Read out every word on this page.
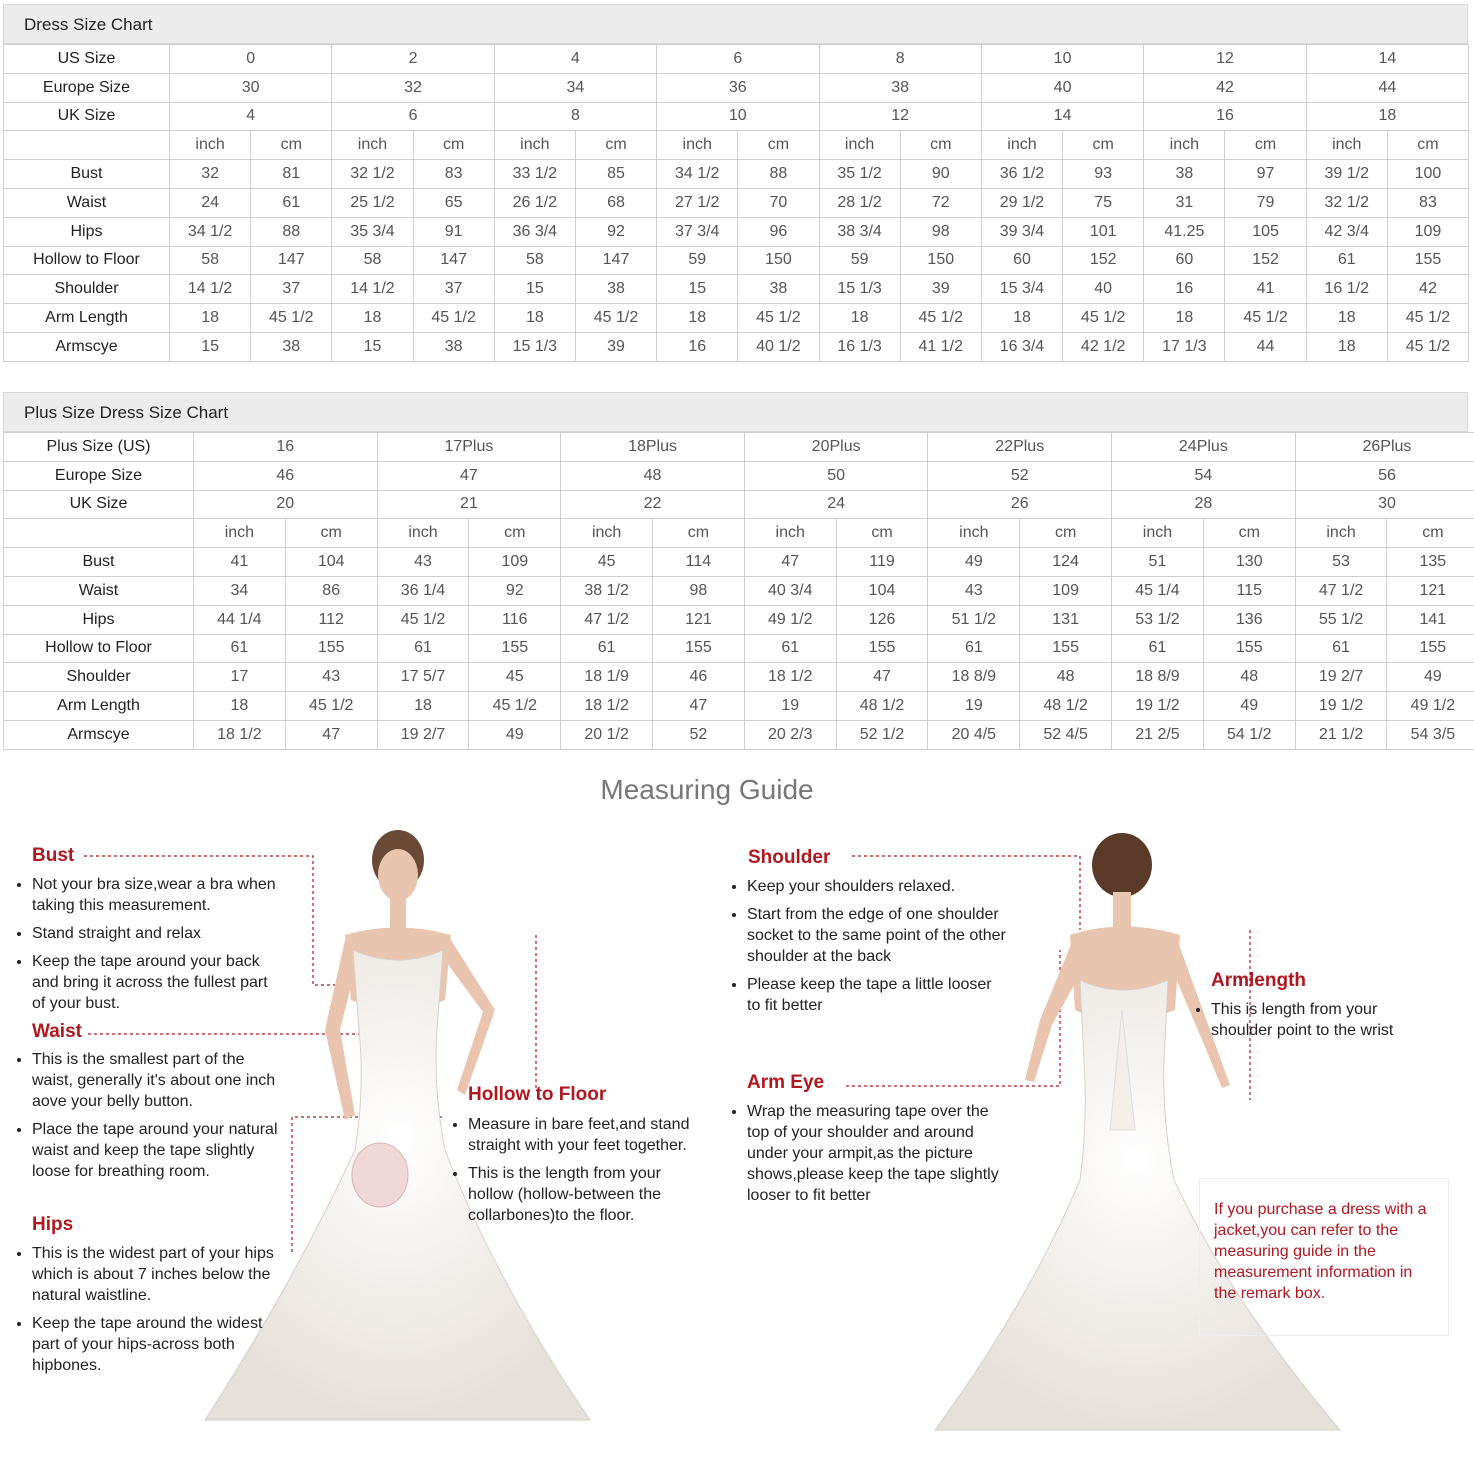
Dress Size Chart
US Size	0		2		4		6		8		10		12		14	
Europe Size	30		32		34		36		38		40		42		44	
UK Size	4		6		8		10		12		14		16		18	
	inch	cm	inch	cm	inch	cm	inch	cm	inch	cm	inch	cm	inch	cm	inch	cm
Bust	32	81	32 1/2	83	33 1/2	85	34 1/2	88	35 1/2	90	36 1/2	93	38	97	39 1/2	100
Waist	24	61	25 1/2	65	26 1/2	68	27 1/2	70	28 1/2	72	29 1/2	75	31	79	32 1/2	83
Hips	34 1/2	88	35 3/4	91	36 3/4	92	37 3/4	96	38 3/4	98	39 3/4	101	41.25	105	42 3/4	109
Hollow to Floor	58	147	58	147	58	147	59	150	59	150	60	152	60	152	61	155
Shoulder	14 1/2	37	14 1/2	37	15	38	15	38	15 1/3	39	15 3/4	40	16	41	16 1/2	42
Arm Length	18	45 1/2	18	45 1/2	18	45 1/2	18	45 1/2	18	45 1/2	18	45 1/2	18	45 1/2	18	45 1/2
Armscye	15	38	15	38	15 1/3	39	16	40 1/2	16 1/3	41 1/2	16 3/4	42 1/2	17 1/3	44	18	45 1/2
Plus Size Dress Size Chart
Plus Size (US)	16		17Plus		18Plus		20Plus		22Plus		24Plus		26Plus	
Europe Size	46		47		48		50		52		54		56	
UK Size	20		21		22		24		26		28		30	
	inch	cm	inch	cm	inch	cm	inch	cm	inch	cm	inch	cm	inch	cm
Bust	41	104	43	109	45	114	47	119	49	124	51	130	53	135
Waist	34	86	36 1/4	92	38 1/2	98	40 3/4	104	43	109	45 1/4	115	47 1/2	121
Hips	44 1/4	112	45 1/2	116	47 1/2	121	49 1/2	126	51 1/2	131	53 1/2	136	55 1/2	141
Hollow to Floor	61	155	61	155	61	155	61	155	61	155	61	155	61	155
Shoulder	17	43	17 5/7	45	18 1/9	46	18 1/2	47	18 8/9	48	18 8/9	48	19 2/7	49
Arm Length	18	45 1/2	18	45 1/2	18 1/2	47	19	48 1/2	19	48 1/2	19 1/2	49	19 1/2	49 1/2
Armscye	18 1/2	47	19 2/7	49	20 1/2	52	20 2/3	52 1/2	20 4/5	52 4/5	21 2/5	54 1/2	21 1/2	54 3/5
Measuring Guide
Bust
• Not your bra size,wear a bra when taking this measurement.
• Stand straight and relax
• Keep the tape around your back and bring it across the fullest part of your bust.
Waist
• This is the smallest part of the waist, generally it's about one inch aove your belly button.
• Place the tape around your natural waist and keep the tape slightly loose for breathing room.
Hips
• This is the widest part of your hips which is about 7 inches below the natural waistline.
• Keep the tape around the widest part of your hips-across both hipbones.
Hollow to Floor
• Measure in bare feet,and stand straight with your feet together.
• This is the length from your hollow (hollow-between the collarbones)to the floor.
Shoulder
• Keep your shoulders relaxed.
• Start from the edge of one shoulder socket to the same point of the other shoulder at the back
• Please keep the tape a little looser to fit better
Arm Eye
• Wrap the measuring tape over the top of your shoulder and around under your armpit,as the picture shows,please keep the tape slightly looser to fit better
Armlength
• This is length from your shoulder point to the wrist
If you purchase a dress with a jacket,you can refer to the measuring guide in the measurement information in the remark box.
